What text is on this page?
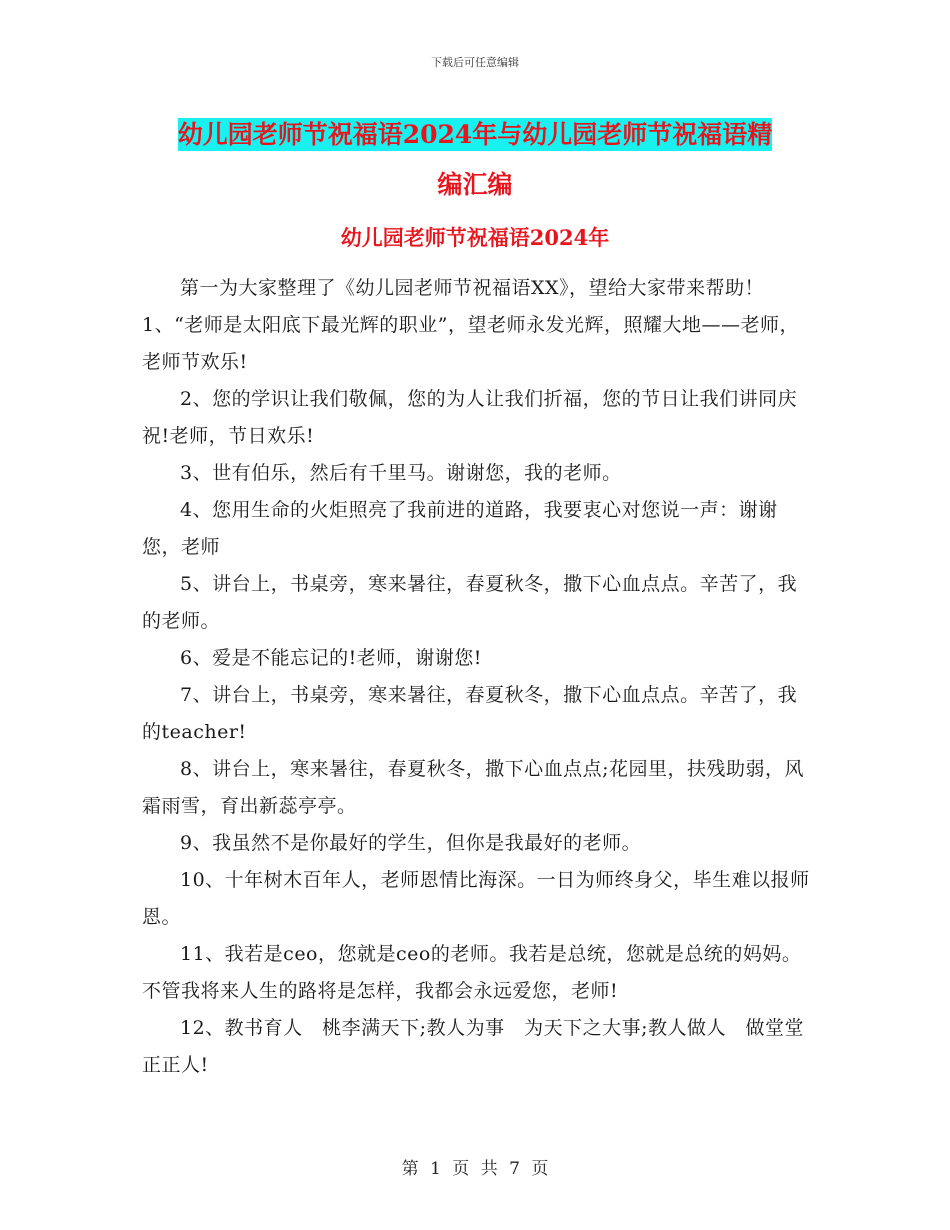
下载后可任意编辑
幼儿园老师节祝福语2024年与幼儿园老师节祝福语精
编汇编
幼儿园老师节祝福语2024年

第一为大家整理了《幼儿园老师节祝福语XX》，望给大家带来帮助！　1、“老师是太阳底下最光辉的职业”，望老师永发光辉，照耀大地——老师，老师节欢乐!

2、您的学识让我们敬佩，您的为人让我们折福，您的节日让我们讲同庆祝!老师，节日欢乐!

3、世有伯乐，然后有千里马。谢谢您，我的老师。

4、您用生命的火炬照亮了我前进的道路，我要衷心对您说一声：谢谢您，老师

5、讲台上，书桌旁，寒来暑往，春夏秋冬，撒下心血点点。辛苦了，我的老师。

6、爱是不能忘记的!老师，谢谢您!

7、讲台上，书桌旁，寒来暑往，春夏秋冬，撒下心血点点。辛苦了，我的teacher!

8、讲台上，寒来暑往，春夏秋冬，撒下心血点点;花园里，扶残助弱，风霜雨雪，育出新蕊亭亭。

9、我虽然不是你最好的学生，但你是我最好的老师。

10、十年树木百年人，老师恩情比海深。一日为师终身父，毕生难以报师恩。

11、我若是ceo，您就是ceo的老师。我若是总统，您就是总统的妈妈。不管我将来人生的路将是怎样，我都会永远爱您，老师!

12、教书育人　桃李满天下;教人为事　为天下之大事;教人做人　做堂堂正正人!

第 1 页 共 7 页
